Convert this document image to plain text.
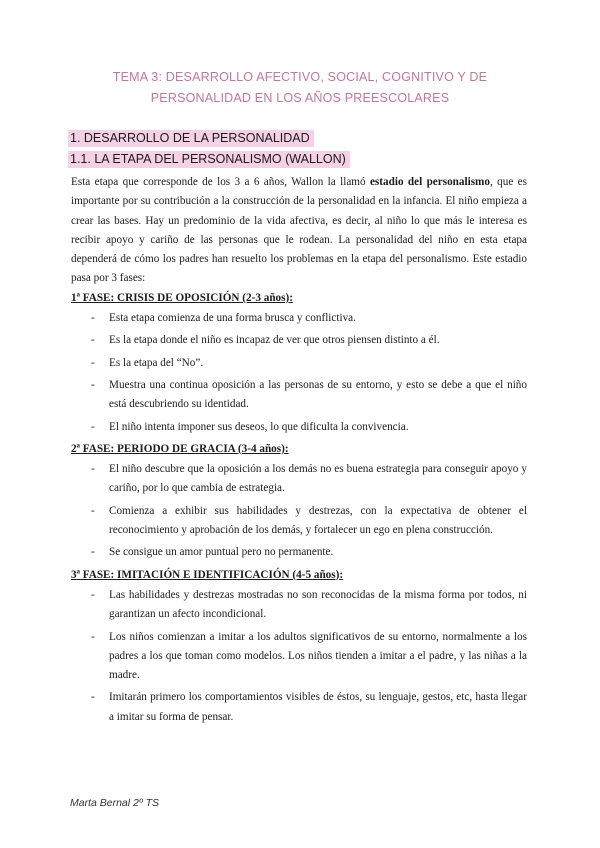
TEMA 3: DESARROLLO AFECTIVO, SOCIAL, COGNITIVO Y DE
PERSONALIDAD EN LOS AÑOS PREESCOLARES
1. DESARROLLO DE LA PERSONALIDAD
1.1. LA ETAPA DEL PERSONALISMO (WALLON)

Esta etapa que corresponde de los 3 a 6 años, Wallon la llamó estadio del personalismo, que es importante por su contribución a la construcción de la personalidad en la infancia. El niño empieza a crear las bases. Hay un predominio de la vida afectiva, es decir, al niño lo que más le interesa es recibir apoyo y cariño de las personas que le rodean. La personalidad del niño en esta etapa dependerá de cómo los padres han resuelto los problemas en la etapa del personalismo. Este estadio pasa por 3 fases:

1ª FASE: CRISIS DE OPOSICIÓN (2-3 años):
- Esta etapa comienza de una forma brusca y conflictiva.
- Es la etapa donde el niño es incapaz de ver que otros piensen distinto a él.
- Es la etapa del “No”.
- Muestra una continua oposición a las personas de su entorno, y esto se debe a que el niño está descubriendo su identidad.
- El niño intenta imponer sus deseos, lo que dificulta la convivencia.
2ª FASE: PERIODO DE GRACIA (3-4 años):
- El niño descubre que la oposición a los demás no es buena estrategia para conseguir apoyo y cariño, por lo que cambia de estrategia.
- Comienza a exhibir sus habilidades y destrezas, con la expectativa de obtener el reconocimiento y aprobación de los demás, y fortalecer un ego en plena construcción.
- Se consigue un amor puntual pero no permanente.
3ª FASE: IMITACIÓN E IDENTIFICACIÓN (4-5 años):
- Las habilidades y destrezas mostradas no son reconocidas de la misma forma por todos, ni garantizan un afecto incondicional.
- Los niños comienzan a imitar a los adultos significativos de su entorno, normalmente a los padres a los que toman como modelos. Los niños tienden a imitar a el padre, y las niñas a la madre.
- Imitarán primero los comportamientos visibles de éstos, su lenguaje, gestos, etc, hasta llegar a imitar su forma de pensar.
Marta Bernal 2º TS
